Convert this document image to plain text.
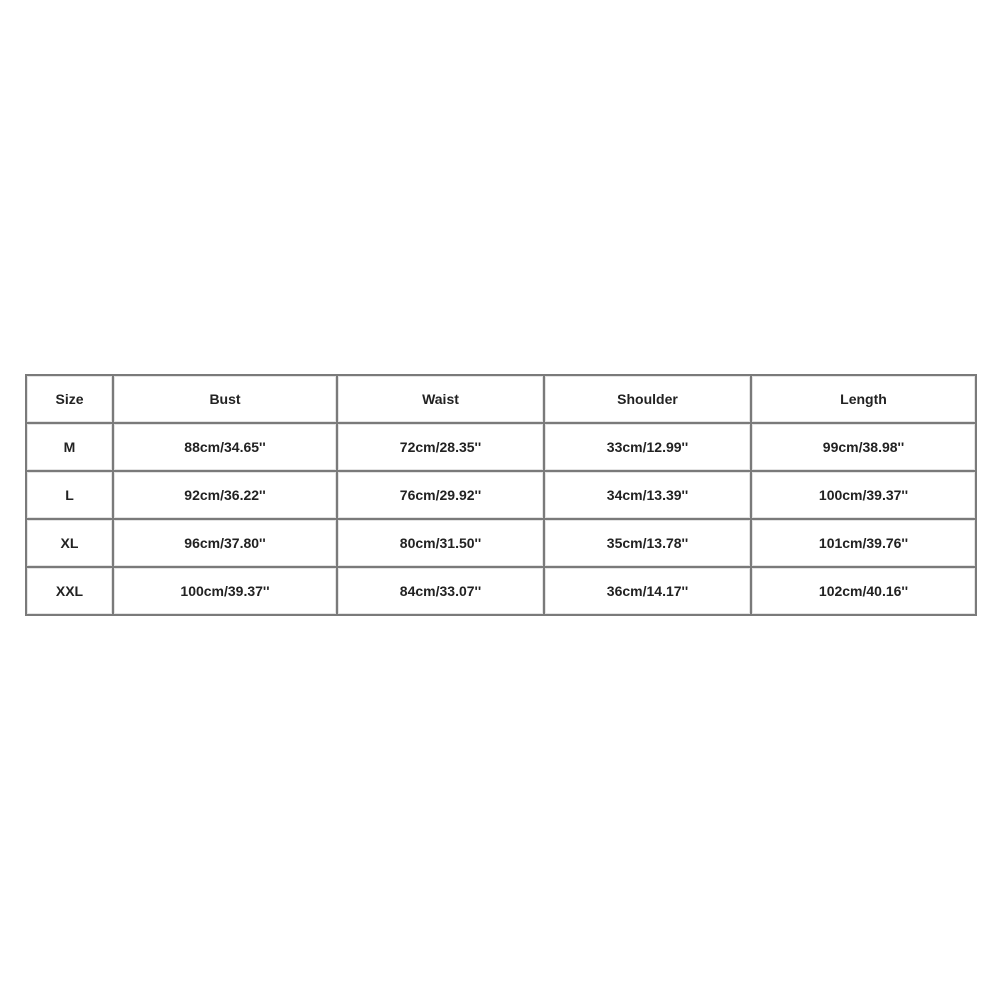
Size	Bust	Waist	Shoulder	Length
M	88cm/34.65''	72cm/28.35''	33cm/12.99''	99cm/38.98''
L	92cm/36.22''	76cm/29.92''	34cm/13.39''	100cm/39.37''
XL	96cm/37.80''	80cm/31.50''	35cm/13.78''	101cm/39.76''
XXL	100cm/39.37''	84cm/33.07''	36cm/14.17''	102cm/40.16''
